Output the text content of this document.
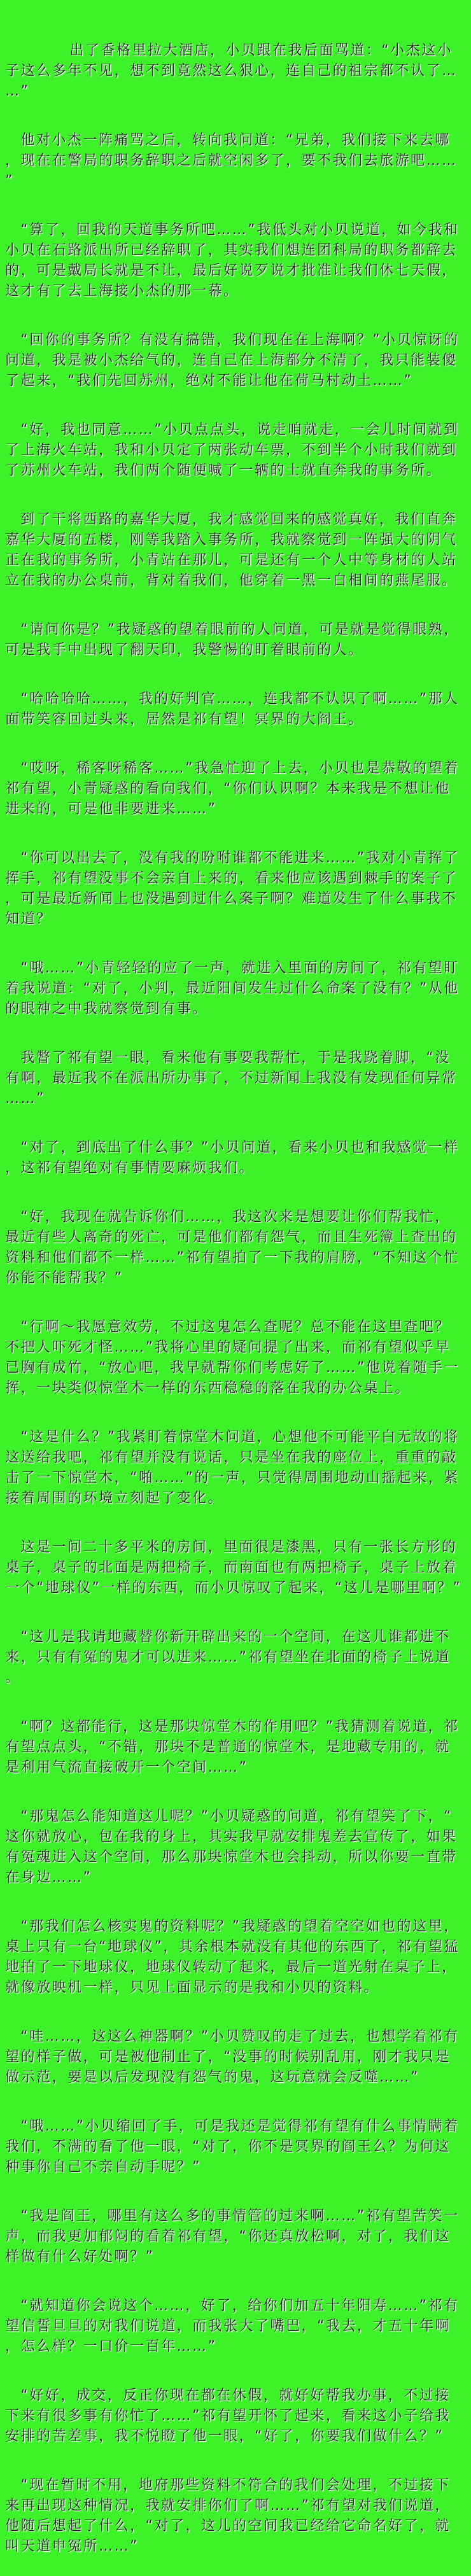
出了香格里拉大酒店，小贝跟在我后面骂道：“小杰这小子这么多年不见，想不到竟然这么狠心，连自己的祖宗都不认了……”

他对小杰一阵痛骂之后，转向我问道：“兄弟，我们接下来去哪，现在在警局的职务辞职之后就空闲多了，要不我们去旅游吧……”

“算了，回我的天道事务所吧……”我低头对小贝说道，如今我和小贝在石路派出所已经辞职了，其实我们想连团科局的职务都辞去的，可是戴局长就是不让，最后好说歹说才批准让我们休七天假，这才有了去上海接小杰的那一幕。

“回你的事务所？有没有搞错，我们现在在上海啊？”小贝惊讶的问道，我是被小杰给气的，连自己在上海都分不清了，我只能装傻了起来，“我们先回苏州，绝对不能让他在荷马村动土……”

“好，我也同意……”小贝点点头，说走咱就走，一会儿时间就到了上海火车站，我和小贝定了两张动车票，不到半个小时我们就到了苏州火车站，我们两个随便喊了一辆的士就直奔我的事务所。

到了干将西路的嘉华大厦，我才感觉回来的感觉真好，我们直奔嘉华大厦的五楼，刚等我踏入事务所，我就察觉到一阵强大的阴气正在我的事务所，小青站在那儿，可是还有一个人中等身材的人站立在我的办公桌前，背对着我们，他穿着一黑一白相间的燕尾服。

“请问你是？”我疑惑的望着眼前的人问道，可是就是觉得眼熟，可是我手中出现了翻天印，我警惕的盯着眼前的人。

“哈哈哈哈……，我的好判官……，连我都不认识了啊……”那人面带笑容回过头来，居然是祁有望！冥界的大阎王。

“哎呀，稀客呀稀客……”我急忙迎了上去，小贝也是恭敬的望着祁有望，小青疑惑的看向我们，“你们认识啊？本来我是不想让他进来的，可是他非要进来……”

“你可以出去了，没有我的吩咐谁都不能进来……”我对小青挥了挥手，祁有望没事不会亲自上来的，看来他应该遇到棘手的案子了，可是最近新闻上也没遇到过什么案子啊？难道发生了什么事我不知道？

“哦……”小青轻轻的应了一声，就进入里面的房间了，祁有望盯着我说道：“对了，小判，最近阳间发生过什么命案了没有？”从他的眼神之中我就察觉到有事。

我瞥了祁有望一眼，看来他有事要我帮忙，于是我跷着脚，“没有啊，最近我不在派出所办事了，不过新闻上我没有发现任何异常……”

“对了，到底出了什么事？”小贝问道，看来小贝也和我感觉一样，这祁有望绝对有事情要麻烦我们。

“好，我现在就告诉你们……，我这次来是想要让你们帮我忙，最近有些人离奇的死亡，可是他们都有怨气，而且生死簿上查出的资料和他们都不一样……”祁有望拍了一下我的肩膀，“不知这个忙你能不能帮我？”

“行啊～我愿意效劳，不过这鬼怎么查呢？总不能在这里查吧？不把人吓死才怪……”我将心里的疑问提了出来，而祁有望似乎早已胸有成竹，“放心吧，我早就帮你们考虑好了……”他说着随手一挥，一块类似惊堂木一样的东西稳稳的落在我的办公桌上。

“这是什么？”我紧盯着惊堂木问道，心想他不可能平白无故的将这送给我吧，祁有望并没有说话，只是坐在我的座位上，重重的敲击了一下惊堂木，“啪……”的一声，只觉得周围地动山摇起来，紧接着周围的环境立刻起了变化。

这是一间二十多平米的房间，里面很是漆黑，只有一张长方形的桌子，桌子的北面是两把椅子，而南面也有两把椅子，桌子上放着一个“地球仪”一样的东西，而小贝惊叹了起来，“这儿是哪里啊？”

“这儿是我请地藏替你新开辟出来的一个空间，在这儿谁都进不来，只有有冤的鬼才可以进来……”祁有望坐在北面的椅子上说道。

“啊？这都能行，这是那块惊堂木的作用吧？”我猜测着说道，祁有望点点头，“不错，那块不是普通的惊堂木，是地藏专用的，就是利用气流直接破开一个空间……”

“那鬼怎么能知道这儿呢？”小贝疑惑的问道，祁有望笑了下，“这你就放心，包在我的身上，其实我早就安排鬼差去宣传了，如果有冤魂进入这个空间，那么那块惊堂木也会抖动，所以你要一直带在身边……”

“那我们怎么核实鬼的资料呢？”我疑惑的望着空空如也的这里，桌上只有一台“地球仪”，其余根本就没有其他的东西了，祁有望猛地拍了一下地球仪，地球仪转动了起来，最后一道光射在桌子上，就像放映机一样，只见上面显示的是我和小贝的资料。

“哇……，这这么神器啊？”小贝赞叹的走了过去，也想学着祁有望的样子做，可是被他制止了，“没事的时候别乱用，刚才我只是做示范，要是以后发现没有怨气的鬼，这玩意就会反噬……”

“哦……”小贝缩回了手，可是我还是觉得祁有望有什么事情瞒着我们，不满的看了他一眼，“对了，你不是冥界的阎王么？为何这种事你自己不亲自动手呢？”

“我是阎王，哪里有这么多的事情管的过来啊……”祁有望苦笑一声，而我更加郁闷的看着祁有望，“你还真放松啊，对了，我们这样做有什么好处啊？”

“就知道你会说这个……，好了，给你们加五十年阳寿……”祁有望信誓旦旦的对我们说道，而我张大了嘴巴，“我去，才五十年啊，怎么样？一口价一百年……”

“好好，成交，反正你现在都在休假，就好好帮我办事，不过接下来有很多事有你忙了……”祁有望开怀了起来，看来这小子给我安排的苦差事，我不悦瞪了他一眼，“好了，你要我们做什么？”

“现在暂时不用，地府那些资料不符合的我们会处理，不过接下来再出现这种情况，我就安排你们了啊……”祁有望对我们说道，他随后想起了什么，“对了，这儿的空间我已经给它命名好了，就叫天道申冤所……”
